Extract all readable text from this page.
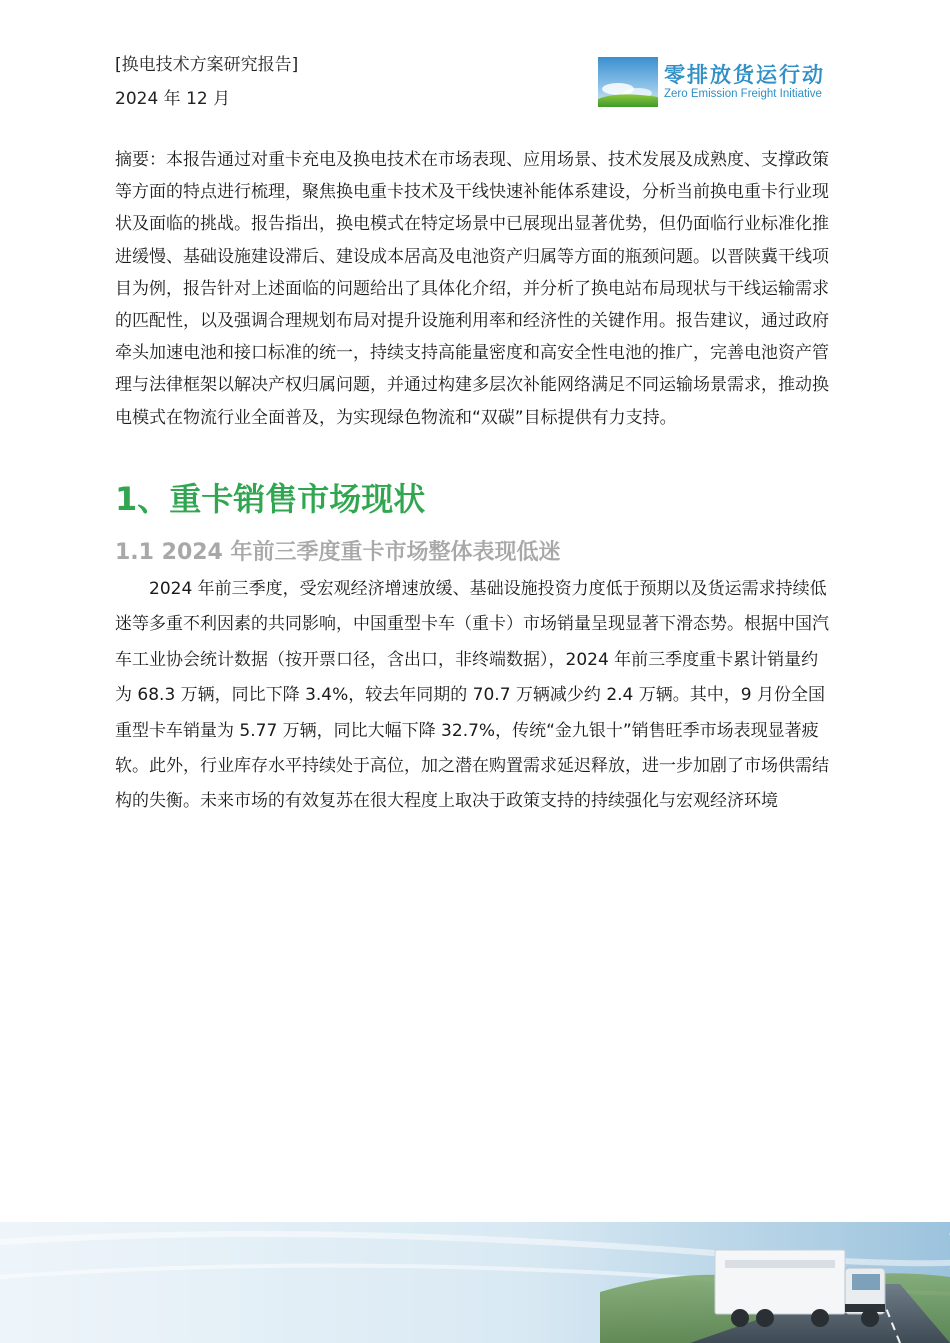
[换电技术方案研究报告]
2024 年 12 月
零排放货运行动
Zero Emission Freight Initiative

摘要：本报告通过对重卡充电及换电技术在市场表现、应用场景、技术发展及成熟度、支撑政策等方面的特点进行梳理，聚焦换电重卡技术及干线快速补能体系建设，分析当前换电重卡行业现状及面临的挑战。报告指出，换电模式在特定场景中已展现出显著优势，但仍面临行业标准化推进缓慢、基础设施建设滞后、建设成本居高及电池资产归属等方面的瓶颈问题。以晋陕冀干线项目为例，报告针对上述面临的问题给出了具体化介绍，并分析了换电站布局现状与干线运输需求的匹配性，以及强调合理规划布局对提升设施利用率和经济性的关键作用。报告建议，通过政府牵头加速电池和接口标准的统一，持续支持高能量密度和高安全性电池的推广，完善电池资产管理与法律框架以解决产权归属问题，并通过构建多层次补能网络满足不同运输场景需求，推动换电模式在物流行业全面普及，为实现绿色物流和“双碳”目标提供有力支持。

1、重卡销售市场现状
1.1 2024 年前三季度重卡市场整体表现低迷

2024 年前三季度，受宏观经济增速放缓、基础设施投资力度低于预期以及货运需求持续低迷等多重不利因素的共同影响，中国重型卡车（重卡）市场销量呈现显著下滑态势。根据中国汽车工业协会统计数据（按开票口径，含出口，非终端数据），2024 年前三季度重卡累计销量约为 68.3 万辆，同比下降 3.4%，较去年同期的 70.7 万辆减少约 2.4 万辆。其中，9 月份全国重型卡车销量为 5.77 万辆，同比大幅下降 32.7%，传统“金九银十”销售旺季市场表现显著疲软。此外，行业库存水平持续处于高位，加之潜在购置需求延迟释放，进一步加剧了市场供需结构的失衡。未来市场的有效复苏在很大程度上取决于政策支持的持续强化与宏观经济环境
